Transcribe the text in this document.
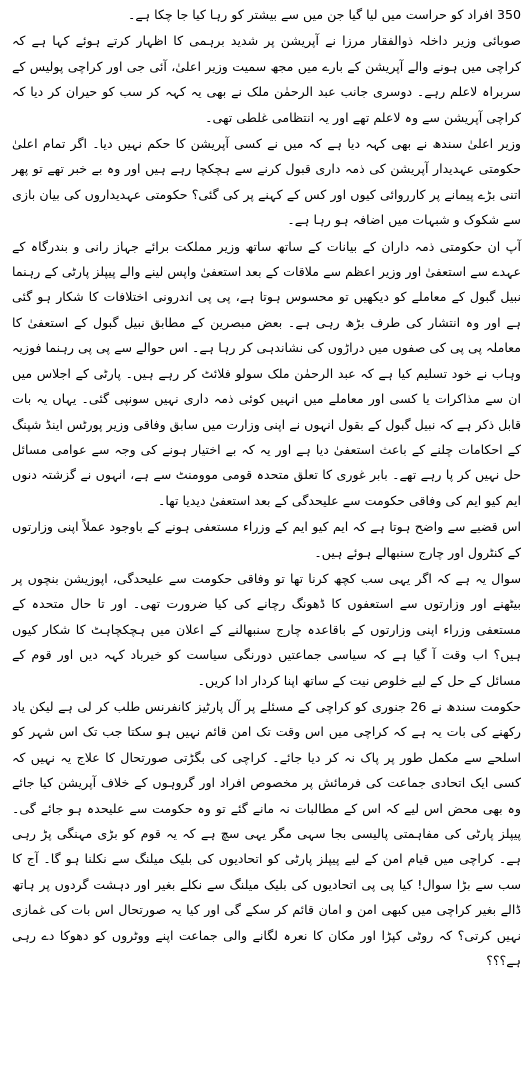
350 افراد کو حراست میں لیا گیا جن میں سے بیشتر کو رہا کیا جا چکا ہے۔

صوبائی وزیر داخلہ ذوالفقار مرزا نے آپریشن پر شدید برہمی کا اظہار کرتے ہوئے کہا ہے کہ کراچی میں ہونے والے آپریشن کے بارے میں مجھ سمیت وزیر اعلیٰ، آئی جی اور کراچی پولیس کے سربراہ لاعلم رہے۔ دوسری جانب عبد الرحمٰن ملک نے بھی یہ کہہ کر سب کو حیران کر دیا کہ کراچی آپریشن سے وہ لاعلم تھے اور یہ انتظامی غلطی تھی۔

وزیر اعلیٰ سندھ نے بھی کہہ دیا ہے کہ میں نے کسی آپریشن کا حکم نہیں دیا۔ اگر تمام اعلیٰ حکومتی عہدیدار آپریشن کی ذمہ داری قبول کرنے سے ہچکچا رہے ہیں اور وہ بے خبر تھے تو پھر اتنی بڑے پیمانے پر کارروائی کیوں اور کس کے کہنے پر کی گئی؟ حکومتی عہدیداروں کی بیان بازی سے شکوک و شبہات میں اضافہ ہو رہا ہے۔

آپ ان حکومتی ذمہ داران کے بیانات کے ساتھ ساتھ وزیر مملکت برائے جہاز رانی و بندرگاہ کے عہدے سے استعفیٰ اور وزیر اعظم سے ملاقات کے بعد استعفیٰ واپس لینے والے پیپلز پارٹی کے رہنما نبیل گبول کے معاملے کو دیکھیں تو محسوس ہوتا ہے، پی پی اندرونی اختلافات کا شکار ہو گئی ہے اور وہ انتشار کی طرف بڑھ رہی ہے۔ بعض مبصرین کے مطابق نبیل گبول کے استعفیٰ کا معاملہ پی پی کی صفوں میں دراڑوں کی نشاندہی کر رہا ہے۔ اس حوالے سے پی پی رہنما فوزیہ وہاب نے خود تسلیم کیا ہے کہ عبد الرحمٰن ملک سولو فلائٹ کر رہے ہیں۔ پارٹی کے اجلاس میں ان سے مذاکرات یا کسی اور معاملے میں انہیں کوئی ذمہ داری نہیں سونپی گئی۔ یہاں یہ بات قابل ذکر ہے کہ نبیل گبول کے بقول انہوں نے اپنی وزارت میں سابق وفاقی وزیر پورٹس اینڈ شپنگ کے احکامات چلنے کے باعث استعفیٰ دیا ہے اور یہ کہ بے اختیار ہونے کی وجہ سے عوامی مسائل حل نہیں کر پا رہے تھے۔ بابر غوری کا تعلق متحدہ قومی موومنٹ سے ہے، انہوں نے گزشتہ دنوں ایم کیو ایم کی وفاقی حکومت سے علیحدگی کے بعد استعفیٰ دیدیا تھا۔

اس قضیے سے واضح ہوتا ہے کہ ایم کیو ایم کے وزراء مستعفی ہونے کے باوجود عملاً اپنی وزارتوں کے کنٹرول اور چارج سنبھالے ہوئے ہیں۔

سوال یہ ہے کہ اگر یہی سب کچھ کرنا تھا تو وفاقی حکومت سے علیحدگی، اپوزیشن بنچوں پر بیٹھنے اور وزارتوں سے استعفوں کا ڈھونگ رچانے کی کیا ضرورت تھی۔ اور تا حال متحدہ کے مستعفی وزراء اپنی وزارتوں کے باقاعدہ چارج سنبھالنے کے اعلان میں ہچکچاہٹ کا شکار کیوں ہیں؟ اب وقت آ گیا ہے کہ سیاسی جماعتیں دورنگی سیاست کو خیرباد کہہ دیں اور قوم کے مسائل کے حل کے لیے خلوص نیت کے ساتھ اپنا کردار ادا کریں۔

حکومت سندھ نے 26 جنوری کو کراچی کے مسئلے پر آل پارٹیز کانفرنس طلب کر لی ہے لیکن یاد رکھنے کی بات یہ ہے کہ کراچی میں اس وقت تک امن قائم نہیں ہو سکتا جب تک اس شہر کو اسلحے سے مکمل طور پر پاک نہ کر دیا جائے۔ کراچی کی بگڑتی صورتحال کا علاج یہ نہیں کہ کسی ایک اتحادی جماعت کی فرمائش پر مخصوص افراد اور گروہوں کے خلاف آپریشن کیا جائے وہ بھی محض اس لیے کہ اس کے مطالبات نہ مانے گئے تو وہ حکومت سے علیحدہ ہو جائے گی۔ پیپلز پارٹی کی مفاہمتی پالیسی بجا سہی مگر یہی سچ ہے کہ یہ قوم کو بڑی مہنگی پڑ رہی ہے۔ کراچی میں قیام امن کے لیے پیپلز پارٹی کو اتحادیوں کی بلیک میلنگ سے نکلنا ہو گا۔ آج کا سب سے بڑا سوال! کیا پی پی اتحادیوں کی بلیک میلنگ سے نکلے بغیر اور دہشت گردوں پر ہاتھ ڈالے بغیر کراچی میں کبھی امن و امان قائم کر سکے گی اور کیا یہ صورتحال اس بات کی غمازی نہیں کرتی؟ کہ روٹی کپڑا اور مکان کا نعرہ لگانے والی جماعت اپنے ووٹروں کو دھوکا دے رہی ہے؟؟؟
